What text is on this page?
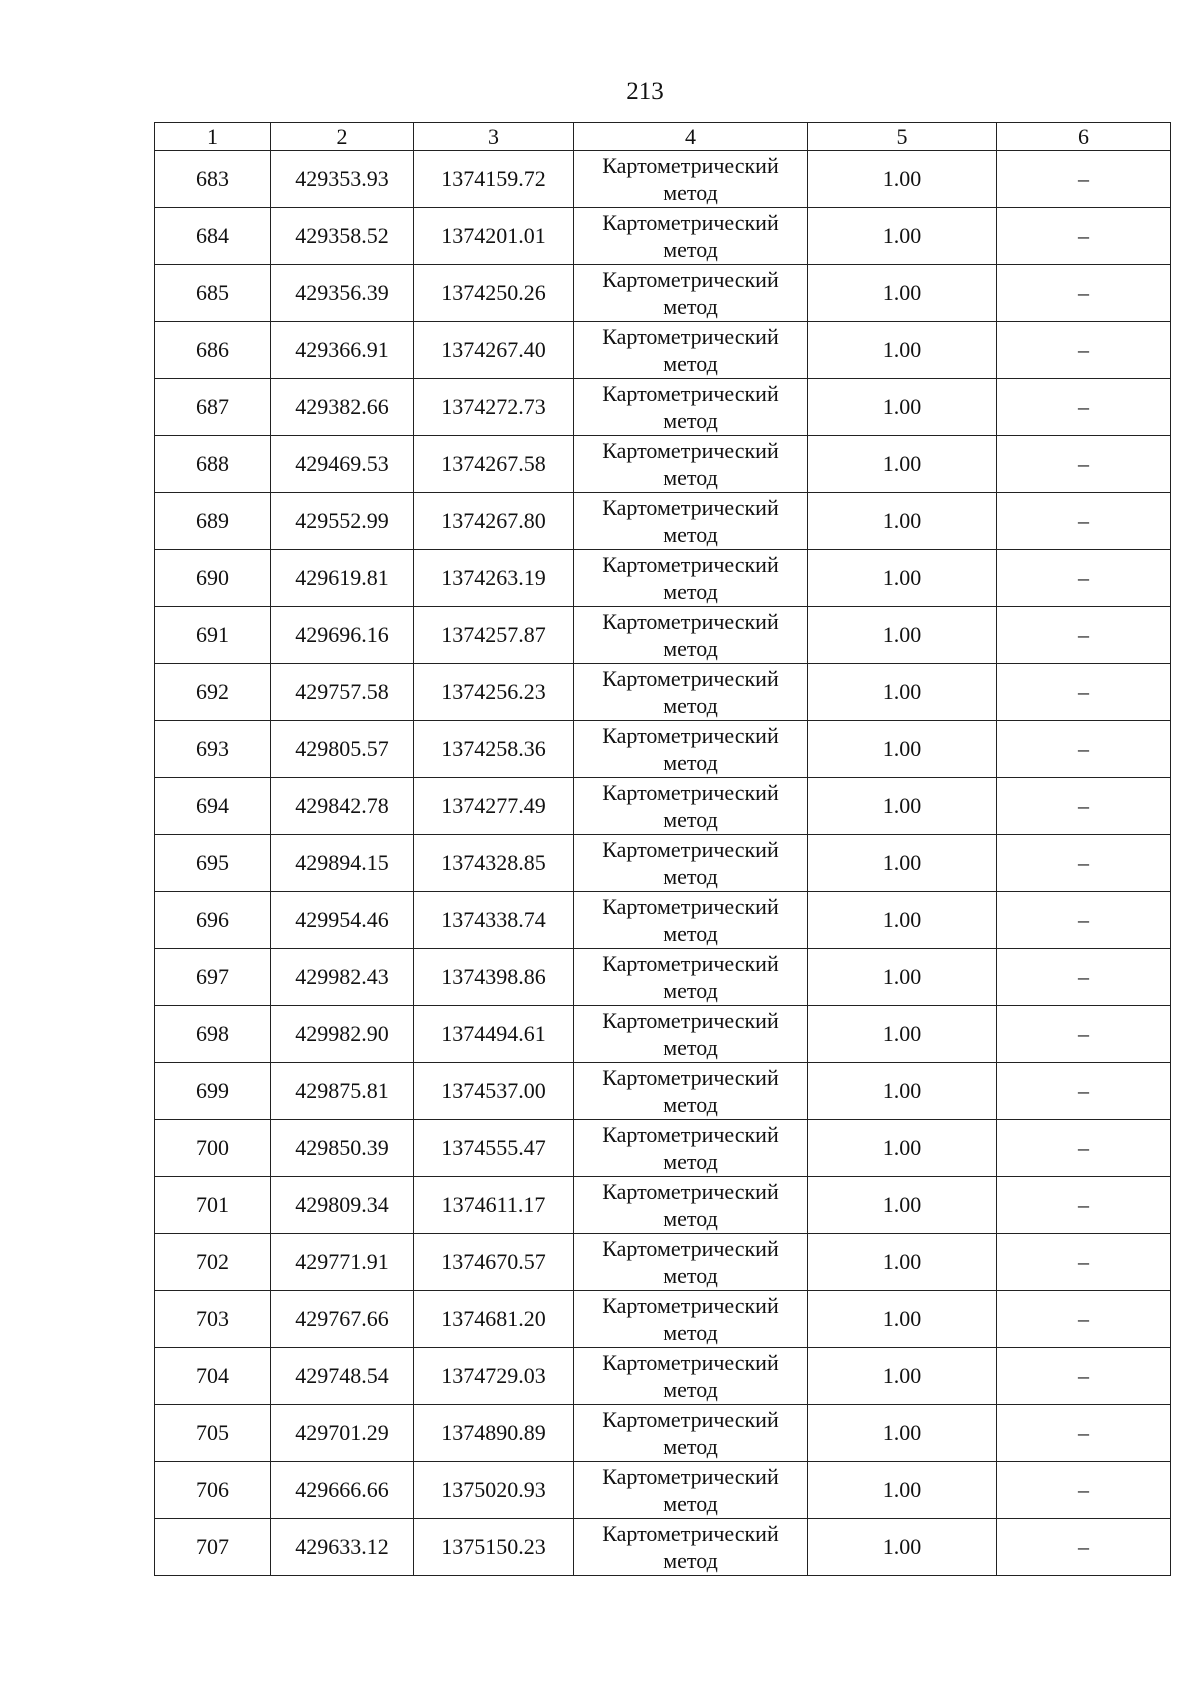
213
1	2	3	4	5	6
683	429353.93	1374159.72	Картометрический
метод	1.00	–
684	429358.52	1374201.01	Картометрический
метод	1.00	–
685	429356.39	1374250.26	Картометрический
метод	1.00	–
686	429366.91	1374267.40	Картометрический
метод	1.00	–
687	429382.66	1374272.73	Картометрический
метод	1.00	–
688	429469.53	1374267.58	Картометрический
метод	1.00	–
689	429552.99	1374267.80	Картометрический
метод	1.00	–
690	429619.81	1374263.19	Картометрический
метод	1.00	–
691	429696.16	1374257.87	Картометрический
метод	1.00	–
692	429757.58	1374256.23	Картометрический
метод	1.00	–
693	429805.57	1374258.36	Картометрический
метод	1.00	–
694	429842.78	1374277.49	Картометрический
метод	1.00	–
695	429894.15	1374328.85	Картометрический
метод	1.00	–
696	429954.46	1374338.74	Картометрический
метод	1.00	–
697	429982.43	1374398.86	Картометрический
метод	1.00	–
698	429982.90	1374494.61	Картометрический
метод	1.00	–
699	429875.81	1374537.00	Картометрический
метод	1.00	–
700	429850.39	1374555.47	Картометрический
метод	1.00	–
701	429809.34	1374611.17	Картометрический
метод	1.00	–
702	429771.91	1374670.57	Картометрический
метод	1.00	–
703	429767.66	1374681.20	Картометрический
метод	1.00	–
704	429748.54	1374729.03	Картометрический
метод	1.00	–
705	429701.29	1374890.89	Картометрический
метод	1.00	–
706	429666.66	1375020.93	Картометрический
метод	1.00	–
707	429633.12	1375150.23	Картометрический
метод	1.00	–
